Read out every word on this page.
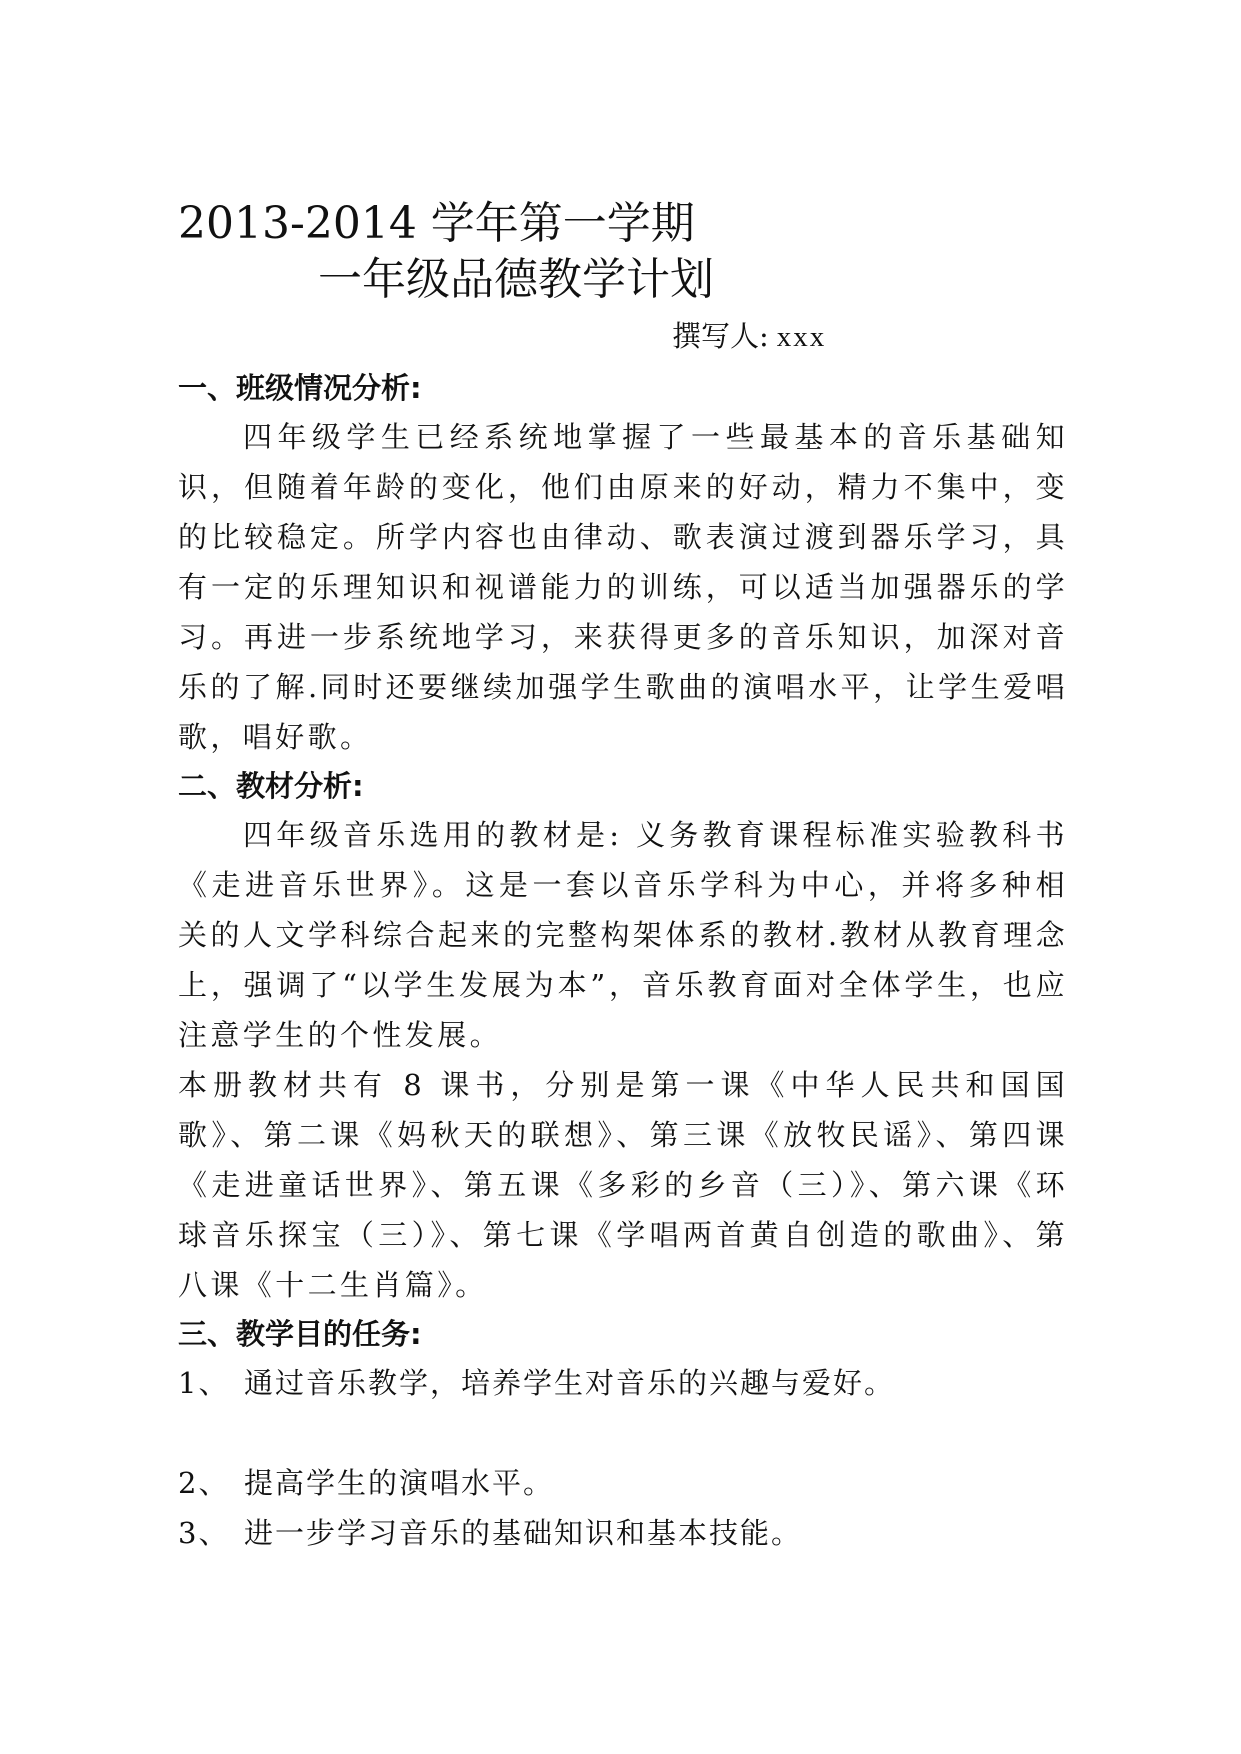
2013-2014 学年第一学期
一年级品德教学计划
撰写人: xxx
一、班级情况分析:

四年级学生已经系统地掌握了一些最基本的音乐基础知识，但随着年龄的变化，他们由原来的好动，精力不集中，变的比较稳定。所学内容也由律动、歌表演过渡到器乐学习，具有一定的乐理知识和视谱能力的训练，可以适当加强器乐的学习。再进一步系统地学习，来获得更多的音乐知识，加深对音乐的了解.同时还要继续加强学生歌曲的演唱水平，让学生爱唱歌，唱好歌。

二、教材分析:

四年级音乐选用的教材是: 义务教育课程标准实验教科书《走进音乐世界》。这是一套以音乐学科为中心，并将多种相关的人文学科综合起来的完整构架体系的教材.教材从教育理念上，强调了“以学生发展为本”，音乐教育面对全体学生，也应注意学生的个性发展。

本册教材共有 8 课书，分别是第一课《中华人民共和国国歌》、第二课《妈秋天的联想》、第三课《放牧民谣》、第四课《走进童话世界》、第五课《多彩的乡音（三）》、第六课《环球音乐探宝（三）》、第七课《学唱两首黄自创造的歌曲》、第八课《十二生肖篇》。

三、教学目的任务:
1、 通过音乐教学，培养学生对音乐的兴趣与爱好。
2、 提高学生的演唱水平。
3、 进一步学习音乐的基础知识和基本技能。
